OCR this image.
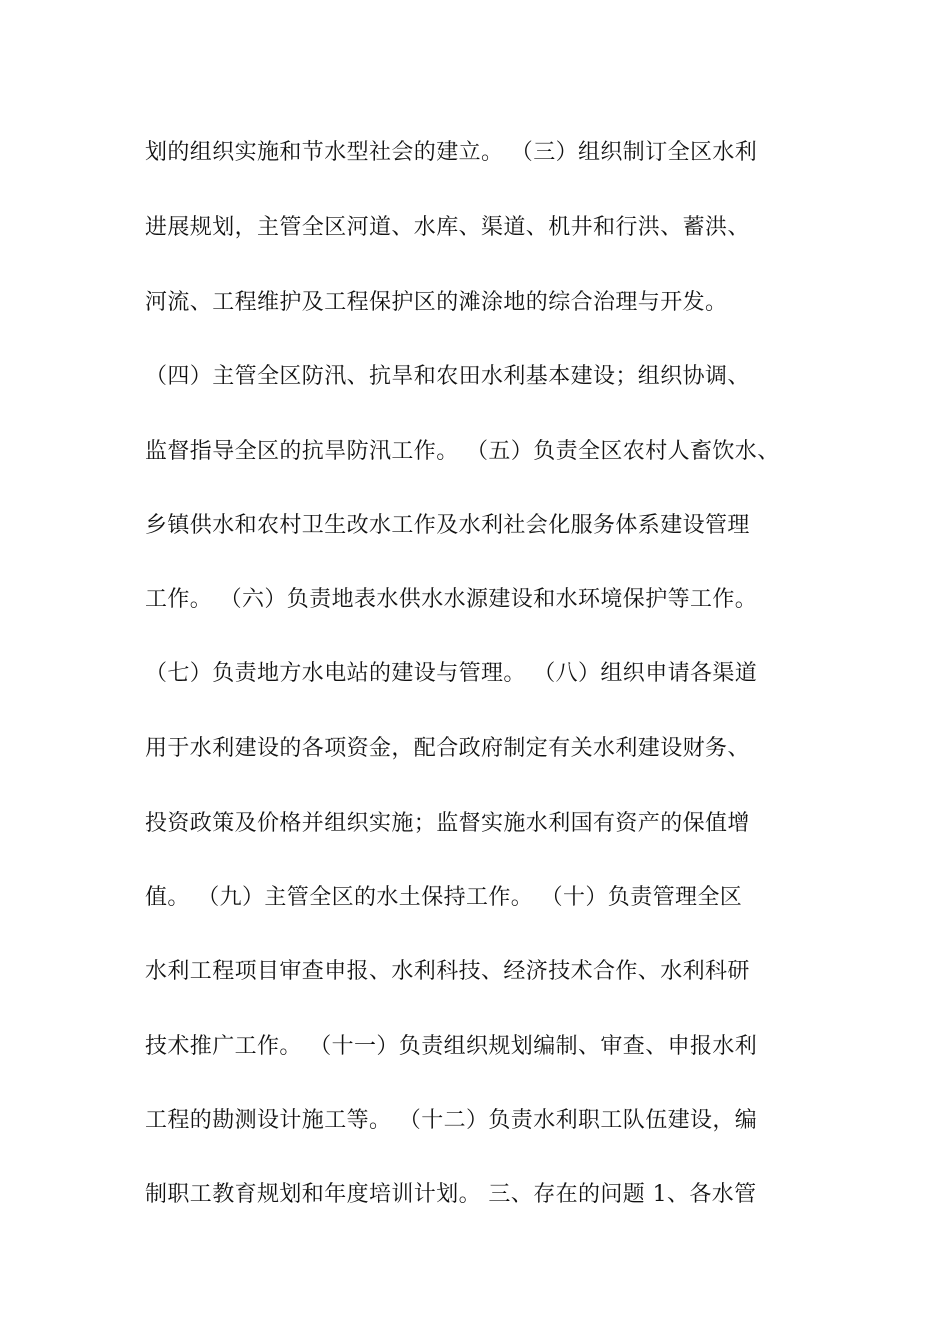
划的组织实施和节水型社会的建立。 （三）组织制订全区水利
进展规划，主管全区河道、水库、渠道、机井和行洪、蓄洪、
河流、工程维护及工程保护区的滩涂地的综合治理与开发。
（四）主管全区防汛、抗旱和农田水利基本建设；组织协调、
监督指导全区的抗旱防汛工作。 （五）负责全区农村人畜饮水、
乡镇供水和农村卫生改水工作及水利社会化服务体系建设管理
工作。 （六）负责地表水供水水源建设和水环境保护等工作。
（七）负责地方水电站的建设与管理。 （八）组织申请各渠道
用于水利建设的各项资金，配合政府制定有关水利建设财务、
投资政策及价格并组织实施；监督实施水利国有资产的保值增
值。 （九）主管全区的水土保持工作。 （十）负责管理全区
水利工程项目审查申报、水利科技、经济技术合作、水利科研
技术推广工作。 （十一）负责组织规划编制、审查、申报水利
工程的勘测设计施工等。 （十二）负责水利职工队伍建设，编
制职工教育规划和年度培训计划。 三、存在的问题 1、各水管
